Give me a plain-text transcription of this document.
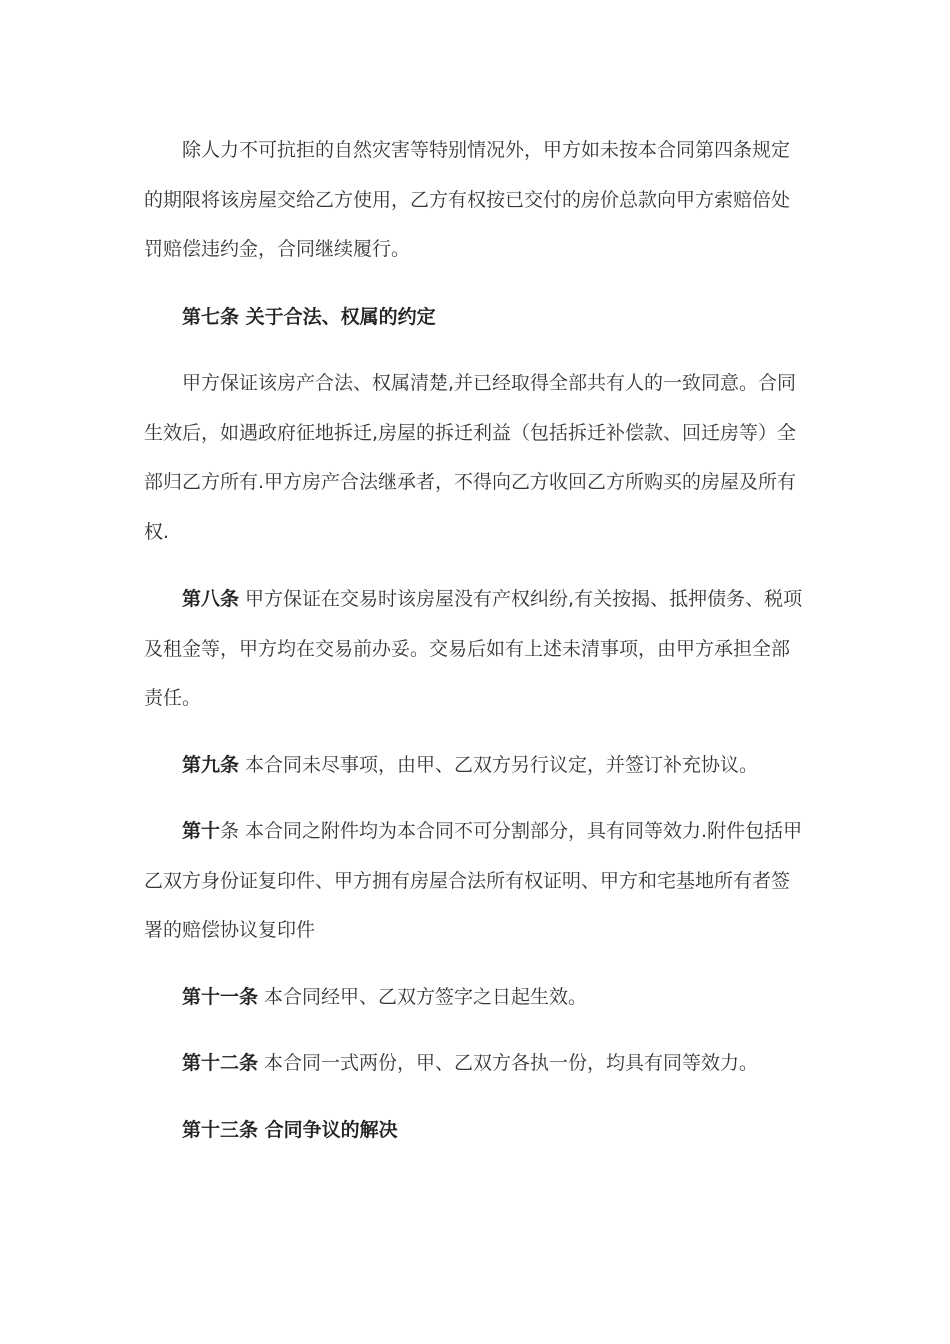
除人力不可抗拒的自然灾害等特别情况外，甲方如未按本合同第四条规定的期限将该房屋交给乙方使用，乙方有权按已交付的房价总款向甲方索赔倍处罚赔偿违约金，合同继续履行。

第七条 关于合法、权属的约定

甲方保证该房产合法、权属清楚,并已经取得全部共有人的一致同意。合同生效后，如遇政府征地拆迁,房屋的拆迁利益（包括拆迁补偿款、回迁房等）全部归乙方所有.甲方房产合法继承者，不得向乙方收回乙方所购买的房屋及所有权.

第八条 甲方保证在交易时该房屋没有产权纠纷,有关按揭、抵押债务、税项及租金等，甲方均在交易前办妥。交易后如有上述未清事项，由甲方承担全部责任。

第九条 本合同未尽事项，由甲、乙双方另行议定，并签订补充协议。

第十条 本合同之附件均为本合同不可分割部分，具有同等效力.附件包括甲乙双方身份证复印件、甲方拥有房屋合法所有权证明、甲方和宅基地所有者签署的赔偿协议复印件

第十一条 本合同经甲、乙双方签字之日起生效。

第十二条 本合同一式两份，甲、乙双方各执一份，均具有同等效力。

第十三条 合同争议的解决
